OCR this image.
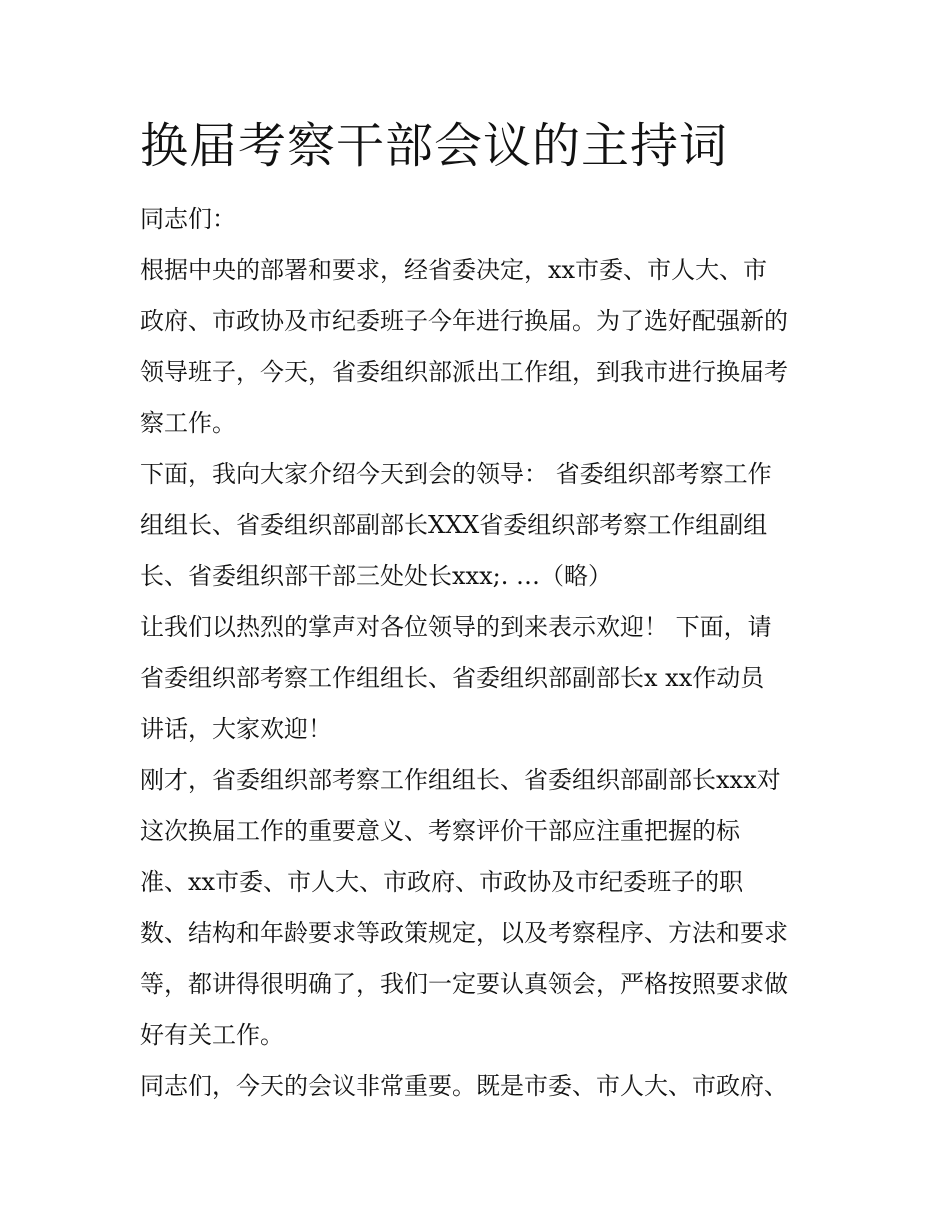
换届考察干部会议的主持词
同志们：
根据中央的部署和要求，经省委决定，xx市委、市人大、市
政府、市政协及市纪委班子今年进行换届。为了选好配强新的
领导班子，今天，省委组织部派出工作组，到我市进行换届考
察工作。
下面，我向大家介绍今天到会的领导： 省委组织部考察工作
组组长、省委组织部副部长XXX省委组织部考察工作组副组
长、省委组织部干部三处处长xxx;. …（略）
让我们以热烈的掌声对各位领导的到来表示欢迎！ 下面，请
省委组织部考察工作组组长、省委组织部副部长x xx作动员
讲话，大家欢迎！
刚才，省委组织部考察工作组组长、省委组织部副部长xxx对
这次换届工作的重要意义、考察评价干部应注重把握的标
准、xx市委、市人大、市政府、市政协及市纪委班子的职
数、结构和年龄要求等政策规定，以及考察程序、方法和要求
等，都讲得很明确了，我们一定要认真领会，严格按照要求做
好有关工作。
同志们，今天的会议非常重要。既是市委、市人大、市政府、
